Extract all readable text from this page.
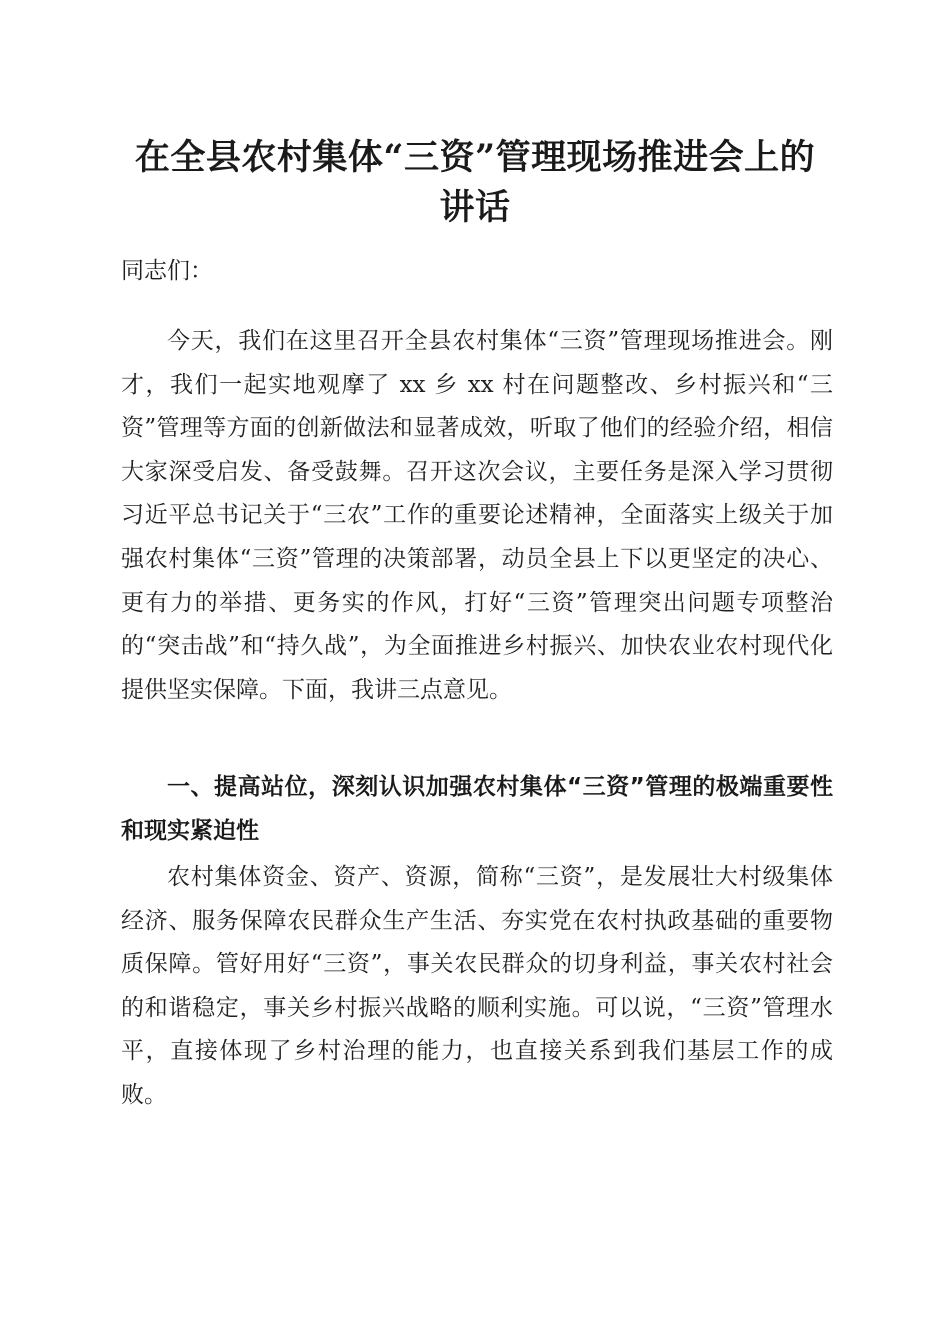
在全县农村集体“三资”管理现场推进会上的
讲话
同志们：
今天，我们在这里召开全县农村集体“三资”管理现场推进会。刚才，我们一起实地观摩了 xx 乡 xx 村在问题整改、乡村振兴和“三资”管理等方面的创新做法和显著成效，听取了他们的经验介绍，相信大家深受启发、备受鼓舞。召开这次会议，主要任务是深入学习贯彻习近平总书记关于“三农”工作的重要论述精神，全面落实上级关于加强农村集体“三资”管理的决策部署，动员全县上下以更坚定的决心、更有力的举措、更务实的作风，打好“三资”管理突出问题专项整治的“突击战”和“持久战”，为全面推进乡村振兴、加快农业农村现代化提供坚实保障。下面，我讲三点意见。
一、提高站位，深刻认识加强农村集体“三资”管理的极端重要性和现实紧迫性
农村集体资金、资产、资源，简称“三资”，是发展壮大村级集体经济、服务保障农民群众生产生活、夯实党在农村执政基础的重要物质保障。管好用好“三资”，事关农民群众的切身利益，事关农村社会的和谐稳定，事关乡村振兴战略的顺利实施。可以说，“三资”管理水平，直接体现了乡村治理的能力，也直接关系到我们基层工作的成败。
